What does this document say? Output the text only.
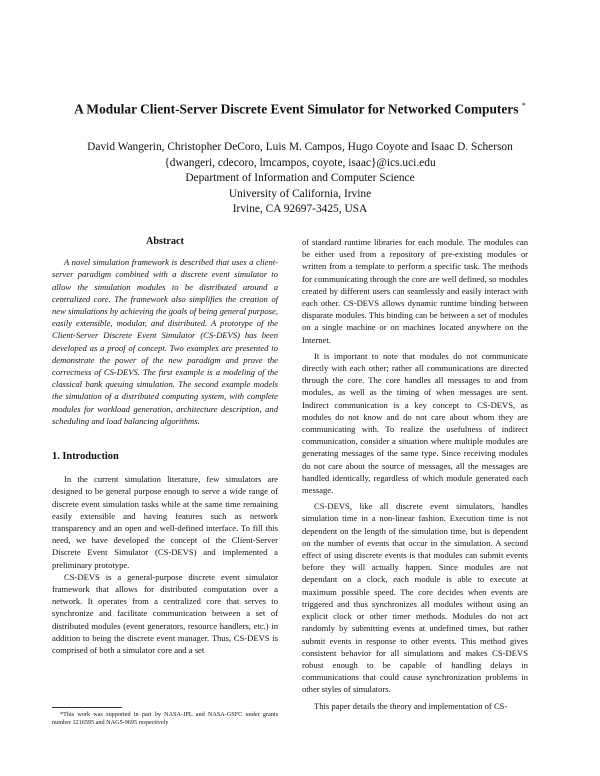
A Modular Client-Server Discrete Event Simulator for Networked Computers *
David Wangerin, Christopher DeCoro, Luis M. Campos, Hugo Coyote and Isaac D. Scherson
{dwangeri, cdecoro, lmcampos, coyote, isaac}@ics.uci.edu
Department of Information and Computer Science
University of California, Irvine
Irvine, CA 92697-3425, USA
Abstract

A novel simulation framework is described that uses a client-server paradigm combined with a discrete event simulator to allow the simulation modules to be distributed around a centralized core. The framework also simplifies the creation of new simulations by achieving the goals of being general purpose, easily extensible, modular, and distributed. A prototype of the Client-Server Discrete Event Simulator (CS-DEVS) has been developed as a proof of concept. Two examples are presented to demonstrate the power of the new paradigm and prove the correctness of CS-DEVS. The first example is a modeling of the classical bank queuing simulation. The second example models the simulation of a distributed computing system, with complete modules for workload generation, architecture description, and scheduling and load balancing algorithms.

1. Introduction

In the current simulation literature, few simulators are designed to be general purpose enough to serve a wide range of discrete event simulation tasks while at the same time remaining easily extensible and having features such as network transparency and an open and well-defined interface. To fill this need, we have developed the concept of the Client-Server Discrete Event Simulator (CS-DEVS) and implemented a preliminary prototype.

CS-DEVS is a general-purpose discrete event simulator framework that allows for distributed computation over a network. It operates from a centralized core that serves to synchronize and facilitate communication between a set of distributed modules (event generators, resource handlers, etc.) in addition to being the discrete event manager. Thus, CS-DEVS is comprised of both a simulator core and a set

of standard runtime libraries for each module. The modules can be either used from a repository of pre-existing modules or written from a template to perform a specific task. The methods for communicating through the core are well defined, so modules created by different users can seamlessly and easily interact with each other. CS-DEVS allows dynamic runtime binding between disparate modules. This binding can be between a set of modules on a single machine or on machines located anywhere on the Internet.

It is important to note that modules do not communicate directly with each other; rather all communications are directed through the core. The core handles all messages to and from modules, as well as the timing of when messages are sent. Indirect communication is a key concept to CS-DEVS, as modules do not know and do not care about whom they are communicating with. To realize the usefulness of indirect communication, consider a situation where multiple modules are generating messages of the same type. Since receiving modules do not care about the source of messages, all the messages are handled identically, regardless of which module generated each message.

CS-DEVS, like all discrete event simulators, handles simulation time in a non-linear fashion. Execution time is not dependent on the length of the simulation time, but is dependent on the number of events that occur in the simulation. A second effect of using discrete events is that modules can submit events before they will actually happen. Since modules are not dependant on a clock, each module is able to execute at maximum possible speed. The core decides when events are triggered and thus synchronizes all modules without using an explicit clock or other timer methods. Modules do not act randomly by submitting events at undefined times, but rather submit events in response to other events. This method gives consistent behavior for all simulations and makes CS-DEVS robust enough to be capable of handling delays in communications that could cause synchronization problems in other styles of simulators.

This paper details the theory and implementation of CS-

*This work was supported in part by NASA-JPL and NASA-GSFC under grants number 1216595 and NAG5-9695 respectively
